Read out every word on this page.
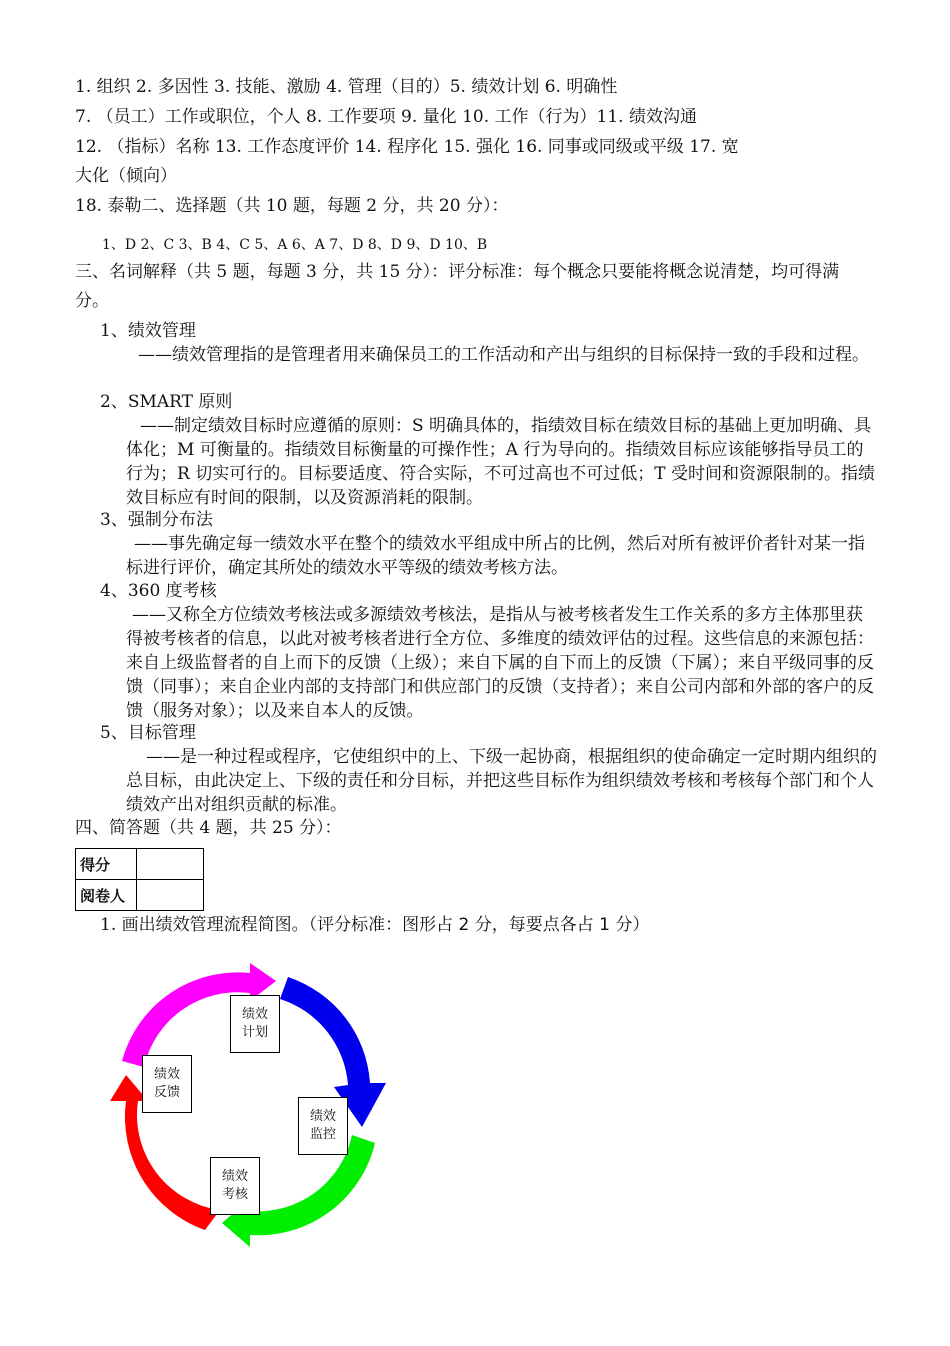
1. 组织 2. 多因性 3. 技能、激励 4. 管理（目的）5. 绩效计划 6. 明确性
7. （员工）工作或职位，个人 8. 工作要项 9. 量化 10. 工作（行为）11. 绩效沟通
12. （指标）名称 13. 工作态度评价 14. 程序化 15. 强化 16. 同事或同级或平级 17. 宽
大化（倾向）
18. 泰勒二、选择题（共 10 题，每题 2 分，共 20 分）：
1、D 2、C 3、B 4、C 5、A 6、A 7、D 8、D 9、D 10、B
三、名词解释（共 5 题，每题 3 分，共 15 分）：评分标准：每个概念只要能将概念说清楚，均可得满
分。
1、绩效管理
——绩效管理指的是管理者用来确保员工的工作活动和产出与组织的目标保持一致的手段和过程。
2、SMART 原则
——制定绩效目标时应遵循的原则：S 明确具体的，指绩效目标在绩效目标的基础上更加明确、具体化；M 可衡量的。指绩效目标衡量的可操作性；A 行为导向的。指绩效目标应该能够指导员工的行为；R 切实可行的。目标要适度、符合实际，不可过高也不可过低；T 受时间和资源限制的。指绩效目标应有时间的限制，以及资源消耗的限制。
3、强制分布法
——事先确定每一绩效水平在整个的绩效水平组成中所占的比例，然后对所有被评价者针对某一指标进行评价，确定其所处的绩效水平等级的绩效考核方法。
4、360 度考核
——又称全方位绩效考核法或多源绩效考核法，是指从与被考核者发生工作关系的多方主体那里获得被考核者的信息，以此对被考核者进行全方位、多维度的绩效评估的过程。这些信息的来源包括：来自上级监督者的自上而下的反馈（上级）；来自下属的自下而上的反馈（下属）；来自平级同事的反馈（同事）；来自企业内部的支持部门和供应部门的反馈（支持者）；来自公司内部和外部的客户的反馈（服务对象）；以及来自本人的反馈。
5、目标管理
——是一种过程或程序，它使组织中的上、下级一起协商，根据组织的使命确定一定时期内组织的总目标，由此决定上、下级的责任和分目标，并把这些目标作为组织绩效考核和考核每个部门和个人绩效产出对组织贡献的标准。
四、简答题（共 4 题，共 25 分）：
得分	
阅卷人	
1. 画出绩效管理流程简图。（评分标准：图形占 2 分，每要点各占 1 分）
绩效
计划
绩效
监控
绩效
考核
绩效
反馈
